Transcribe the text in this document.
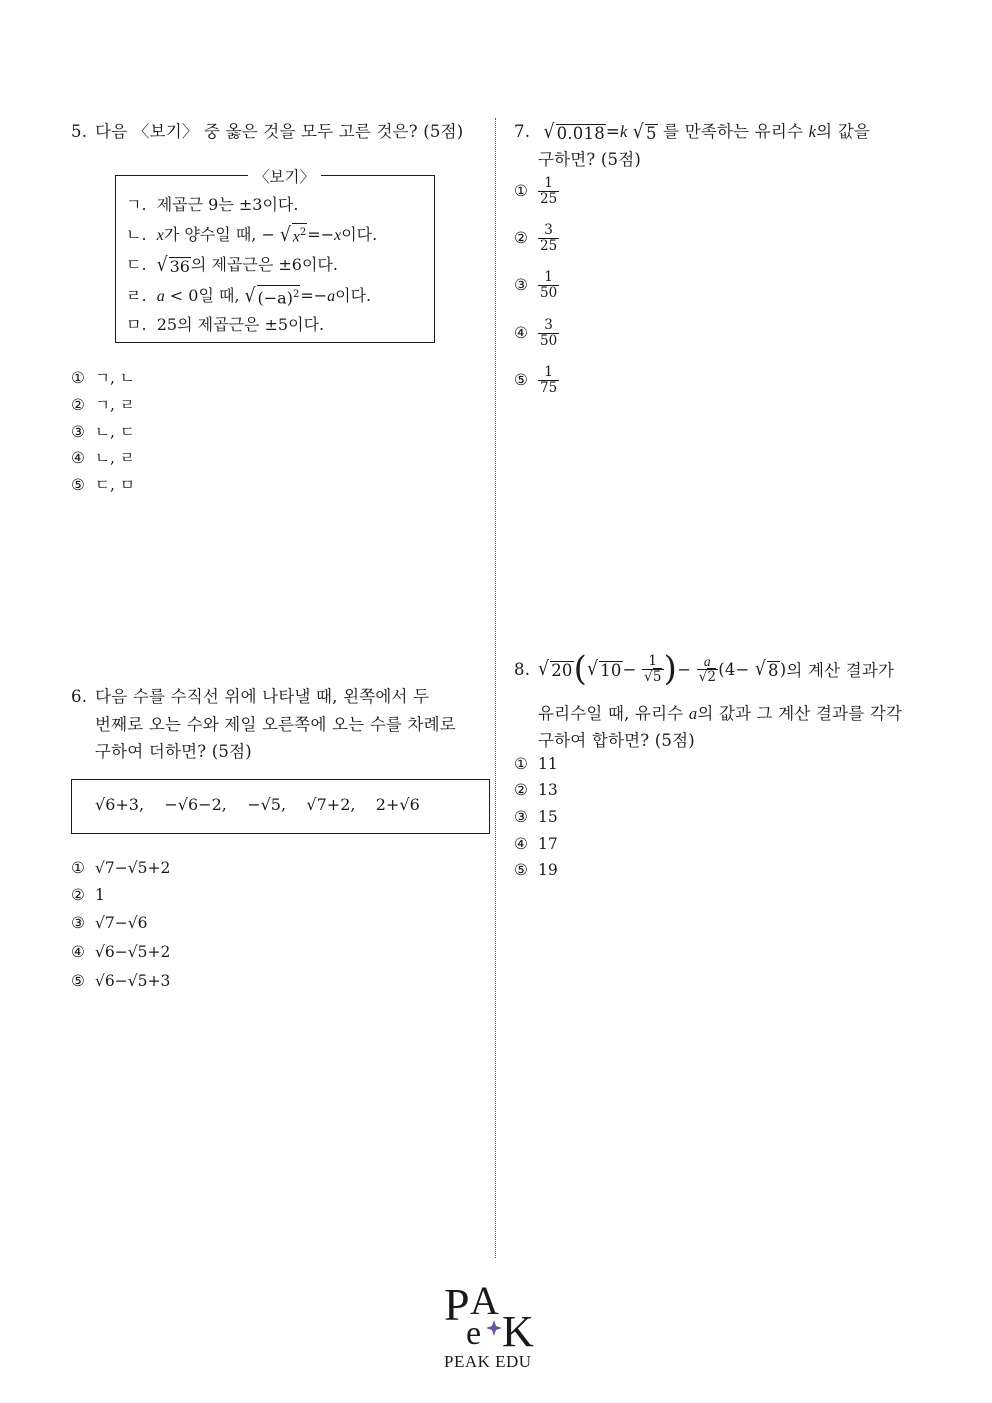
5. 다음 〈보기〉 중 옳은 것을 모두 고른 것은? (5점)
〈보기〉
ㄱ. 제곱근 9는 ±3이다.
ㄴ. x가 양수일 때, − √ $x^2 =-x$이다.
ㄷ. √ 36 의 제곱근은 ±6이다.
ㄹ. a < 0일 때, √ $(-a)^2 =-a$이다.
ㅁ. 25의 제곱근은 ±5이다.
① ㄱ, ㄴ
② ㄱ, ㄹ
③ ㄴ, ㄷ
④ ㄴ, ㄹ
⑤ ㄷ, ㅁ
6. 다음 수를 수직선 위에 나타낼 때, 왼쪽에서 두
번째로 오는 수와 제일 오른쪽에 오는 수를 차례로
구하여 더하면? (5점)
√6+3, −√6−2, −√5, √7+2, 2+√6
① √7−√5+2
② 1
③ √7−√6
④ √6−√5+2
⑤ √6−√5+3
7. √ 0.018 =k √ 5 를 만족하는 유리수 k의 값을
구하면? (5점)
① $\frac{1}{25}$
② $\frac{3}{25}$
③ $\frac{1}{50}$
④ $\frac{3}{50}$
⑤ $\frac{1}{75}$
8. √ 20 ( √ $10 - \frac{1}{√5}$ ) − $\frac{a}{√2} (4-$ √ 8 ) 의 계산 결과가
유리수일 때, 유리수 a의 값과 그 계산 결과를 각각
구하여 합하면? (5점)
① 11
② 13
③ 15
④ 17
⑤ 19
P A
e K
PEAK EDU
